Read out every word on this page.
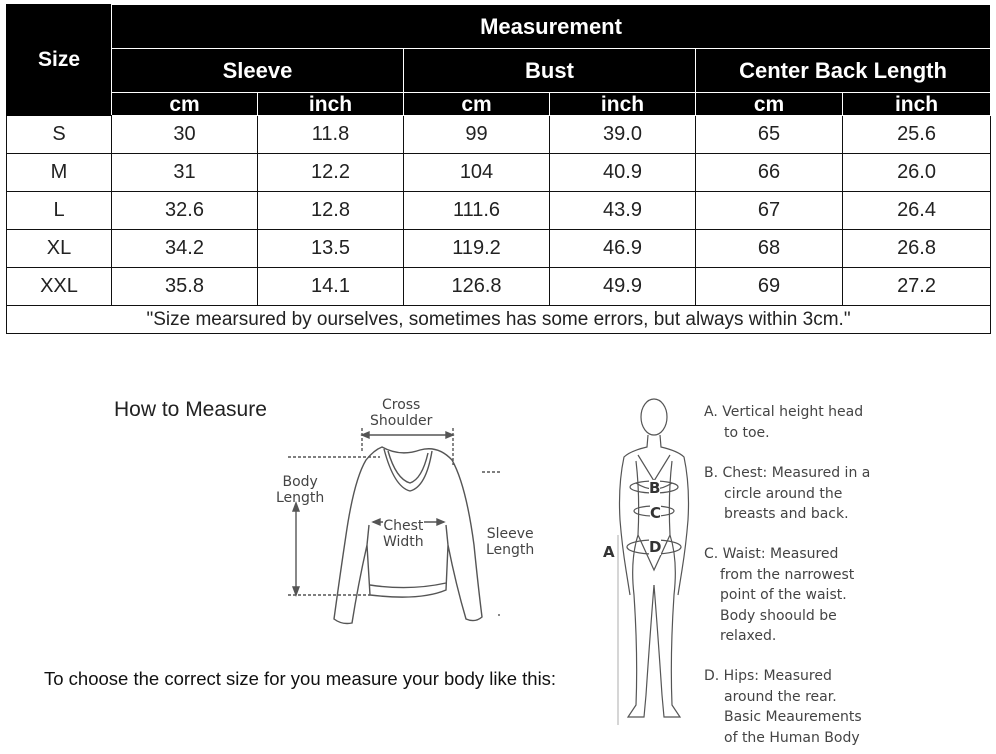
Size	Measurement					
	Sleeve		Bust		Center Back Length	
	cm	inch	cm	inch	cm	inch
S	30	11.8	99	39.0	65	25.6
M	31	12.2	104	40.9	66	26.0
L	32.6	12.8	111.6	43.9	67	26.4
XL	34.2	13.5	119.2	46.9	68	26.8
XXL	35.8	14.1	126.8	49.9	69	27.2
"Size mearsured by ourselves, sometimes has some errors, but always within 3cm."						
How to Measure	Cross
Shoulder
Body
Length
Chest
Width	Sleeve
Length
To choose the correct size for you measure your body like this:
A
B
C
D
A. Vertical height head
to toe.
B. Chest: Measured in a
circle around the
breasts and back.
C. Waist: Measured
from the narrowest
point of the waist.
Body shoould be
relaxed.
D. Hips: Measured
around the rear.
Basic Meaurements
of the Human Body
